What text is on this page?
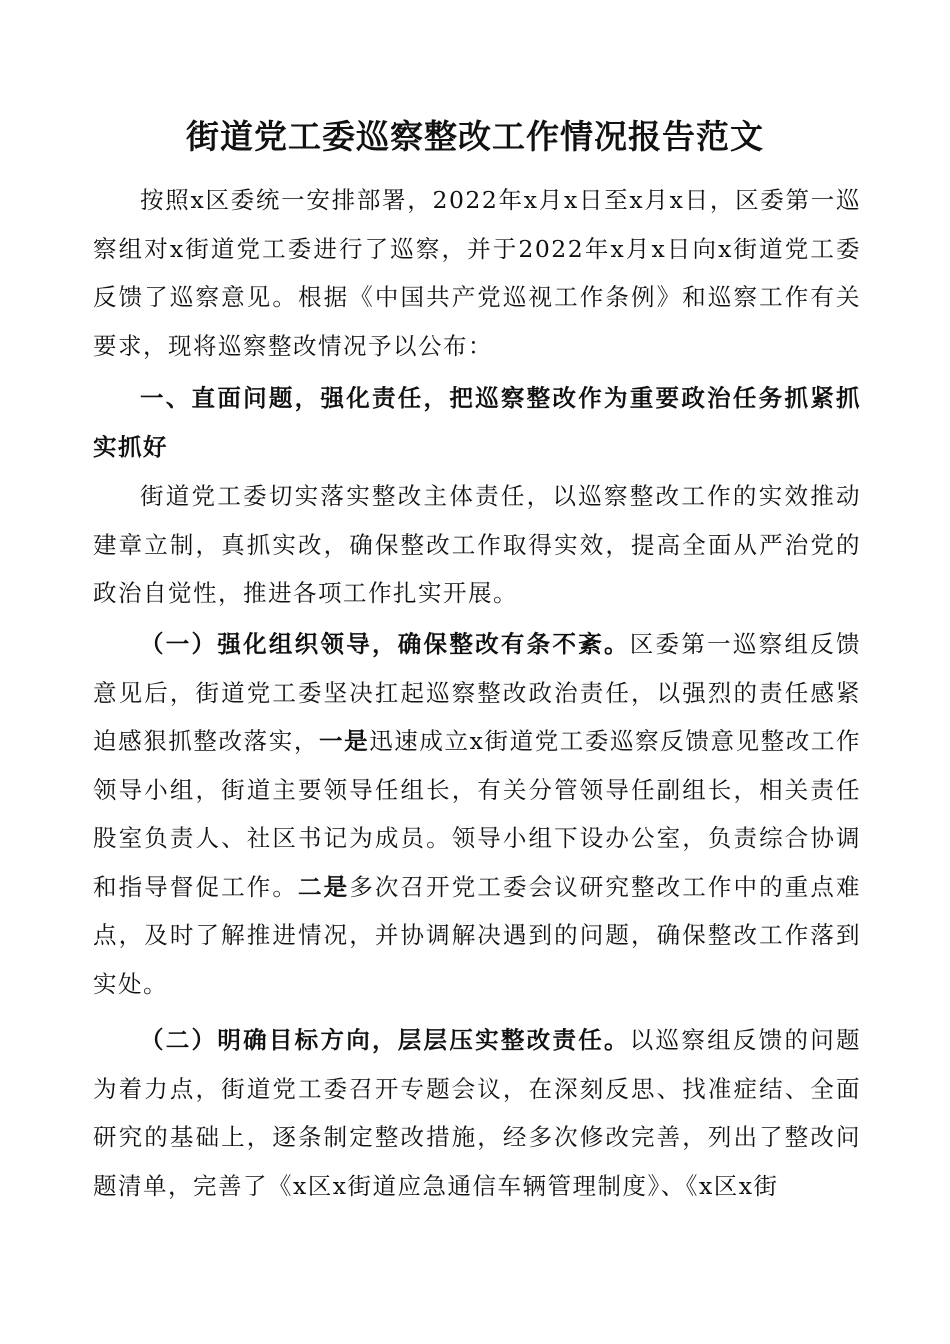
街道党工委巡察整改工作情况报告范文

按照x区委统一安排部署，2022年x月x日至x月x日，区委第一巡察组对x街道党工委进行了巡察，并于2022年x月x日向x街道党工委反馈了巡察意见。根据《中国共产党巡视工作条例》和巡察工作有关要求，现将巡察整改情况予以公布：

一、直面问题，强化责任，把巡察整改作为重要政治任务抓紧抓实抓好

街道党工委切实落实整改主体责任，以巡察整改工作的实效推动建章立制，真抓实改，确保整改工作取得实效，提高全面从严治党的政治自觉性，推进各项工作扎实开展。

（一）强化组织领导，确保整改有条不紊。区委第一巡察组反馈意见后，街道党工委坚决扛起巡察整改政治责任，以强烈的责任感紧迫感狠抓整改落实，一是迅速成立x街道党工委巡察反馈意见整改工作领导小组，街道主要领导任组长，有关分管领导任副组长，相关责任股室负责人、社区书记为成员。领导小组下设办公室，负责综合协调和指导督促工作。二是多次召开党工委会议研究整改工作中的重点难点，及时了解推进情况，并协调解决遇到的问题，确保整改工作落到实处。

（二）明确目标方向，层层压实整改责任。以巡察组反馈的问题为着力点，街道党工委召开专题会议，在深刻反思、找准症结、全面研究的基础上，逐条制定整改措施，经多次修改完善，列出了整改问题清单，完善了《x区x街道应急通信车辆管理制度》、《x区x街
